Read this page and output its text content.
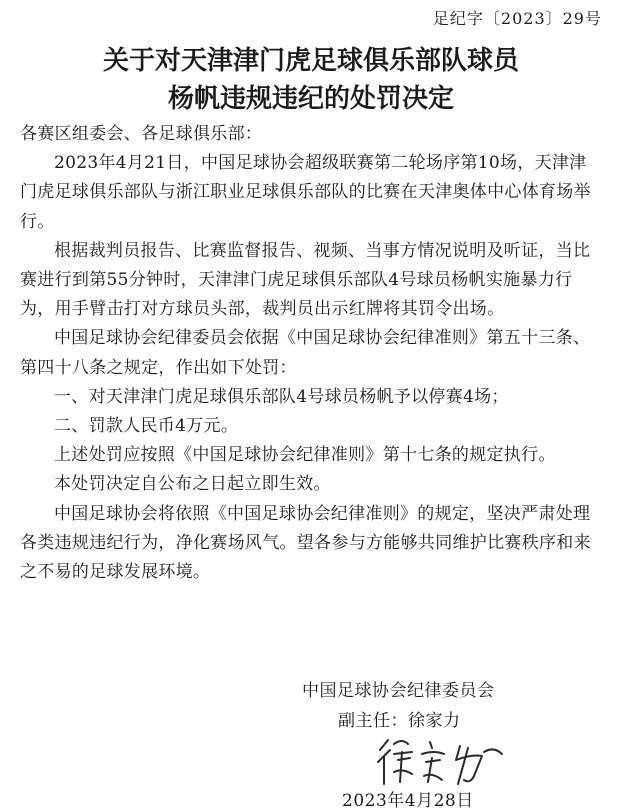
足纪字〔2023〕29号
关于对天津津门虎足球俱乐部队球员
杨帆违规违纪的处罚决定

各赛区组委会、各足球俱乐部：

2023年4月21日，中国足球协会超级联赛第二轮场序第10场，天津津门虎足球俱乐部队与浙江职业足球俱乐部队的比赛在天津奥体中心体育场举行。

根据裁判员报告、比赛监督报告、视频、当事方情况说明及听证，当比赛进行到第55分钟时，天津津门虎足球俱乐部队4号球员杨帆实施暴力行为，用手臂击打对方球员头部，裁判员出示红牌将其罚令出场。

中国足球协会纪律委员会依据《中国足球协会纪律准则》第五十三条、第四十八条之规定，作出如下处罚：

一、对天津津门虎足球俱乐部队4号球员杨帆予以停赛4场；

二、罚款人民币4万元。

上述处罚应按照《中国足球协会纪律准则》第十七条的规定执行。

本处罚决定自公布之日起立即生效。

中国足球协会将依照《中国足球协会纪律准则》的规定，坚决严肃处理各类违规违纪行为，净化赛场风气。望各参与方能够共同维护比赛秩序和来之不易的足球发展环境。

中国足球协会纪律委员会
副主任：徐家力
2023年4月28日
